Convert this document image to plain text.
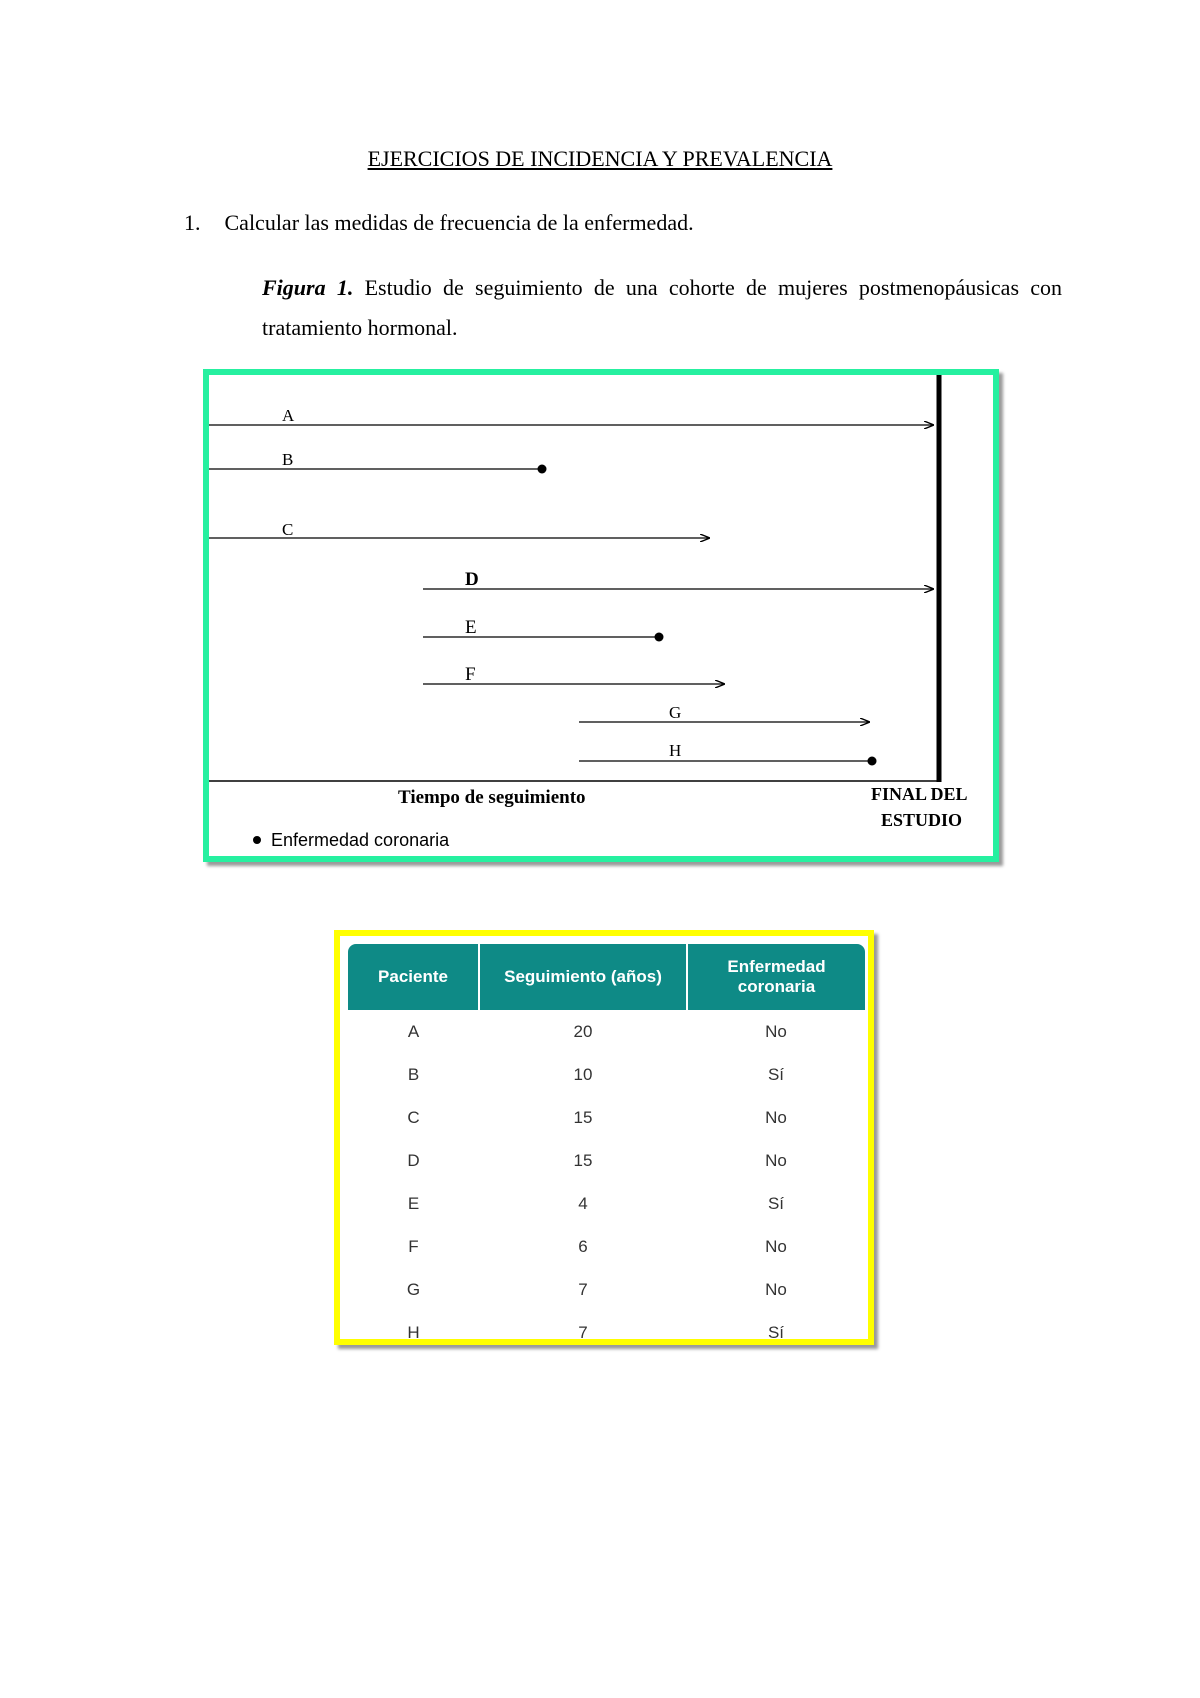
EJERCICIOS DE INCIDENCIA Y PREVALENCIA
1. Calcular las medidas de frecuencia de la enfermedad.
Figura 1. Estudio de seguimiento de una cohorte de mujeres postmenopáusicas con tratamiento hormonal.
A
B
C
D
E
F
G
H
Tiempo de seguimiento	FINAL DEL
ESTUDIO
Enfermedad coronaria
Paciente	Seguimiento (años)	Enfermedad coronaria
A	20	No
B	10	Sí
C	15	No
D	15	No
E	4	Sí
F	6	No
G	7	No
H	7	Sí
